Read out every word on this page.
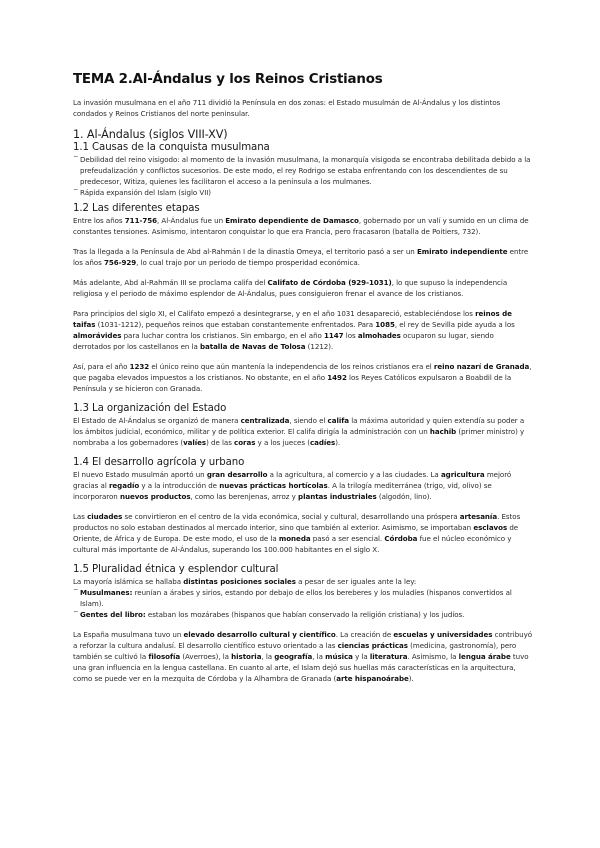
TEMA 2.Al-Ándalus y los Reinos Cristianos

La invasión musulmana en el año 711 dividió la Península en dos zonas: el Estado musulmán de Al-Ándalus y los distintos condados y Reinos Cristianos del norte peninsular.

1. Al-Ándalus (siglos VIII-XV)
1.1 Causas de la conquista musulmana
‾ Debilidad del reino visigodo: al momento de la invasión musulmana, la monarquía visigoda se encontraba debilitada debido a la prefeudalización y conflictos sucesorios. De este modo, el rey Rodrigo se estaba enfrentando con los descendientes de su predecesor, Witiza, quienes les facilitaron el acceso a la península a los mulmanes.
‾ Rápida expansión del Islam (siglo VII)
1.2 Las diferentes etapas

Entre los años 711-756, Al-Ándalus fue un Emirato dependiente de Damasco, gobernado por un valí y sumido en un clima de constantes tensiones. Asimismo, intentaron conquistar lo que era Francia, pero fracasaron (batalla de Poitiers, 732).

Tras la llegada a la Península de Abd al-Rahmán I de la dinastía Omeya, el territorio pasó a ser un Emirato independiente entre los años 756-929, lo cual trajo por un periodo de tiempo prosperidad económica.

Más adelante, Abd al-Rahmán III se proclama califa del Califato de Córdoba (929-1031), lo que supuso la independencia religiosa y el periodo de máximo esplendor de Al-Ándalus, pues consiguieron frenar el avance de los cristianos.

Para principios del siglo XI, el Califato empezó a desintegrarse, y en el año 1031 desapareció, estableciéndose los reinos de taifas (1031-1212), pequeños reinos que estaban constantemente enfrentados. Para 1085, el rey de Sevilla pide ayuda a los almorávides para luchar contra los cristianos. Sin embargo, en el año 1147 los almohades ocuparon su lugar, siendo derrotados por los castellanos en la batalla de Navas de Tolosa (1212).

Así, para el año 1232 el único reino que aún mantenía la independencia de los reinos cristianos era el reino nazarí de Granada, que pagaba elevados impuestos a los cristianos. No obstante, en el año 1492 los Reyes Católicos expulsaron a Boabdil de la Península y se hicieron con Granada.

1.3 La organización del Estado

El Estado de Al-Ándalus se organizó de manera centralizada, siendo el califa la máxima autoridad y quien extendía su poder a los ámbitos judicial, económico, militar y de política exterior. El califa dirigía la administración con un hachib (primer ministro) y nombraba a los gobernadores (valíes) de las coras y a los jueces (cadíes).

1.4 El desarrollo agrícola y urbano

El nuevo Estado musulmán aportó un gran desarrollo a la agricultura, al comercio y a las ciudades. La agricultura mejoró gracias al regadío y a la introducción de nuevas prácticas hortícolas. A la trilogía mediterránea (trigo, vid, olivo) se incorporaron nuevos productos, como las berenjenas, arroz y plantas industriales (algodón, lino).

Las ciudades se convirtieron en el centro de la vida económica, social y cultural, desarrollando una próspera artesanía. Estos productos no solo estaban destinados al mercado interior, sino que también al exterior. Asimismo, se importaban esclavos de Oriente, de África y de Europa. De este modo, el uso de la moneda pasó a ser esencial. Córdoba fue el núcleo económico y cultural más importante de Al-Ándalus, superando los 100.000 habitantes en el siglo X.

1.5 Pluralidad étnica y esplendor cultural

La mayoría islámica se hallaba distintas posiciones sociales a pesar de ser iguales ante la ley:

‾ Musulmanes: reunían a árabes y sirios, estando por debajo de ellos los bereberes y los muladíes (hispanos convertidos al Islam).
‾ Gentes del libro: estaban los mozárabes (hispanos que habían conservado la religión cristiana) y los judíos.

La España musulmana tuvo un elevado desarrollo cultural y científico. La creación de escuelas y universidades contribuyó a reforzar la cultura andalusí. El desarrollo científico estuvo orientado a las ciencias prácticas (medicina, gastronomía), pero también se cultivó la filosofía (Averroes), la historia, la geografía, la música y la literatura. Asimismo, la lengua árabe tuvo una gran influencia en la lengua castellana. En cuanto al arte, el Islam dejó sus huellas más características en la arquitectura, como se puede ver en la mezquita de Córdoba y la Alhambra de Granada (arte hispanoárabe).
